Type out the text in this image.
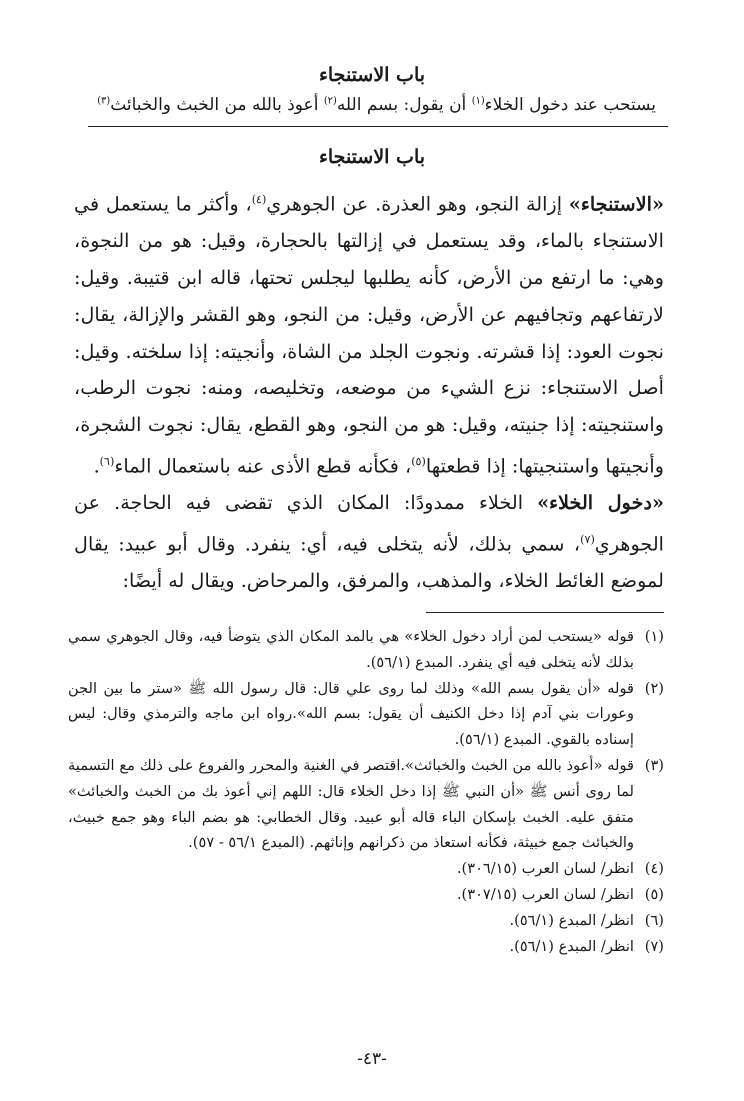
باب الاستنجاء
يستحب عند دخول الخلاء$^{(١)}$ أن يقول: بسم الله$^{(٢)}$ أعوذ بالله من الخبث والخبائث$^{(٣)}$
باب الاستنجاء

«الاستنجاء» إزالة النجو، وهو العذرة. عن الجوهري$^{(٤)}$، وأكثر ما يستعمل في الاستنجاء بالماء، وقد يستعمل في إزالتها بالحجارة، وقيل: هو من النجوة، وهي: ما ارتفع من الأرض، كأنه يطلبها ليجلس تحتها، قاله ابن قتيبة. وقيل: لارتفاعهم وتجافيهم عن الأرض، وقيل: من النجو، وهو القشر والإزالة، يقال: نجوت العود: إذا قشرته. ونجوت الجلد من الشاة، وأنجيته: إذا سلخته. وقيل: أصل الاستنجاء: نزع الشيء من موضعه، وتخليصه، ومنه: نجوت الرطب، واستنجيته: إذا جنيته، وقيل: هو من النجو، وهو القطع، يقال: نجوت الشجرة، وأنجيتها واستنجيتها: إذا قطعتها$^{(٥)}$، فكأنه قطع الأذى عنه باستعمال الماء$^{(٦)}$.

«دخول الخلاء» الخلاء ممدودًا: المكان الذي تقضى فيه الحاجة. عن الجوهري$^{(٧)}$، سمي بذلك، لأنه يتخلى فيه، أي: ينفرد. وقال أبو عبيد: يقال لموضع الغائط الخلاء، والمذهب، والمرفق، والمرحاض. ويقال له أيضًا:

(١)
قوله «يستحب لمن أراد دخول الخلاء» هي بالمد المكان الذي يتوضأ فيه، وقال الجوهري سمي بذلك لأنه يتخلى فيه أي ينفرد. المبدع (٥٦/١).
(٢)
قوله «أن يقول بسم الله» وذلك لما روى علي قال: قال رسول الله ﷺ «ستر ما بين الجن وعورات بني آدم إذا دخل الكنيف أن يقول: بسم الله».رواه ابن ماجه والترمذي وقال: ليس إسناده بالقوي. المبدع (٥٦/١).
(٣)
قوله «أعوذ بالله من الخبث والخبائث».اقتصر في الغنية والمحرر والفروع على ذلك مع التسمية لما روى أنس ﷺ «أن النبي ﷺ إذا دخل الخلاء قال: اللهم إني أعوذ بك من الخبث والخبائث» متفق عليه. الخبث بإسكان الباء قاله أبو عبيد. وقال الخطابي: هو بضم الباء وهو جمع خبيث، والخبائث جمع خبيثة، فكأنه استعاذ من ذكرانهم وإناثهم. (المبدع ٥٦/١ - ٥٧).
(٤)
انظر/ لسان العرب (٣٠٦/١٥).
(٥)
انظر/ لسان العرب (٣٠٧/١٥).
(٦)
انظر/ المبدع (٥٦/١).
(٧)
انظر/ المبدع (٥٦/١).
-٤٣-
